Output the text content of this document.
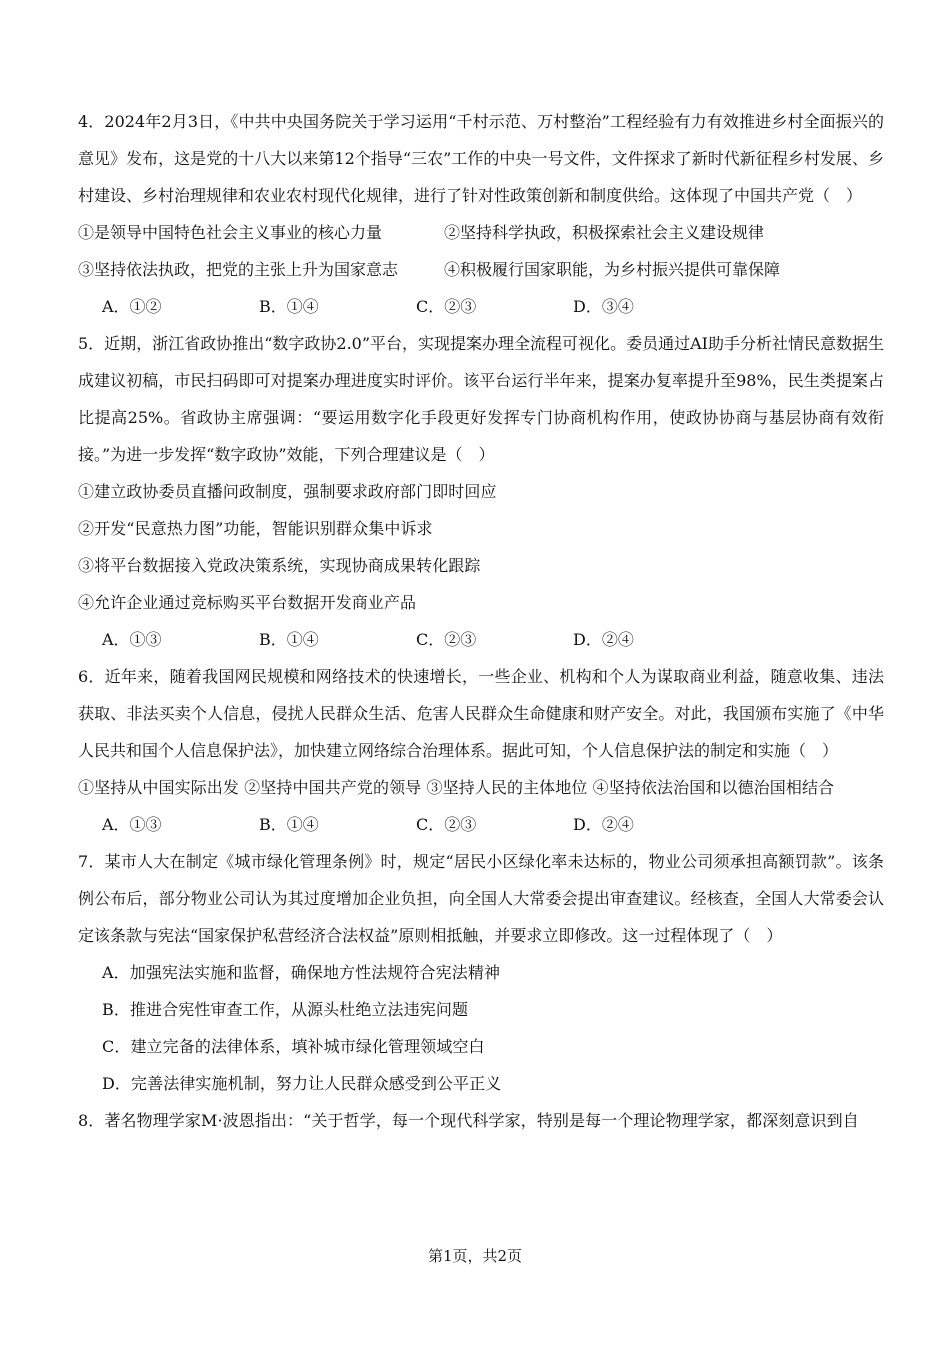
4．2024年2月3日，《中共中央国务院关于学习运用“千村示范、万村整治”工程经验有力有效推进乡村全面振兴的意见》发布，这是党的十八大以来第12个指导“三农”工作的中央一号文件，文件探求了新时代新征程乡村发展、乡村建设、乡村治理规律和农业农村现代化规律，进行了针对性政策创新和制度供给。这体现了中国共产党（　）
①是领导中国特色社会主义事业的核心力量	②坚持科学执政，积极探索社会主义建设规律
③坚持依法执政，把党的主张上升为国家意志	④积极履行国家职能，为乡村振兴提供可靠保障
A．①②	B．①④	C．②③	D．③④
5．近期，浙江省政协推出“数字政协2.0”平台，实现提案办理全流程可视化。委员通过AI助手分析社情民意数据生成建议初稿，市民扫码即可对提案办理进度实时评价。该平台运行半年来，提案办复率提升至98%，民生类提案占比提高25%。省政协主席强调：“要运用数字化手段更好发挥专门协商机构作用，使政协协商与基层协商有效衔接。”为进一步发挥“数字政协”效能，下列合理建议是（　）
①建立政协委员直播问政制度，强制要求政府部门即时回应
②开发“民意热力图”功能，智能识别群众集中诉求
③将平台数据接入党政决策系统，实现协商成果转化跟踪
④允许企业通过竞标购买平台数据开发商业产品
A．①③	B．①④	C．②③	D．②④
6．近年来，随着我国网民规模和网络技术的快速增长，一些企业、机构和个人为谋取商业利益，随意收集、违法获取、非法买卖个人信息，侵扰人民群众生活、危害人民群众生命健康和财产安全。对此，我国颁布实施了《中华人民共和国个人信息保护法》，加快建立网络综合治理体系。据此可知，个人信息保护法的制定和实施（　）
①坚持从中国实际出发 ②坚持中国共产党的领导 ③坚持人民的主体地位 ④坚持依法治国和以德治国相结合
A．①③	B．①④	C．②③	D．②④
7．某市人大在制定《城市绿化管理条例》时，规定“居民小区绿化率未达标的，物业公司须承担高额罚款”。该条例公布后，部分物业公司认为其过度增加企业负担，向全国人大常委会提出审查建议。经核查，全国人大常委会认定该条款与宪法“国家保护私营经济合法权益”原则相抵触，并要求立即修改。这一过程体现了（　）
A．加强宪法实施和监督，确保地方性法规符合宪法精神
B．推进合宪性审查工作，从源头杜绝立法违宪问题
C．建立完备的法律体系，填补城市绿化管理领域空白
D．完善法律实施机制，努力让人民群众感受到公平正义
8．著名物理学家M·波恩指出：“关于哲学，每一个现代科学家，特别是每一个理论物理学家，都深刻意识到自
第1页，共2页
